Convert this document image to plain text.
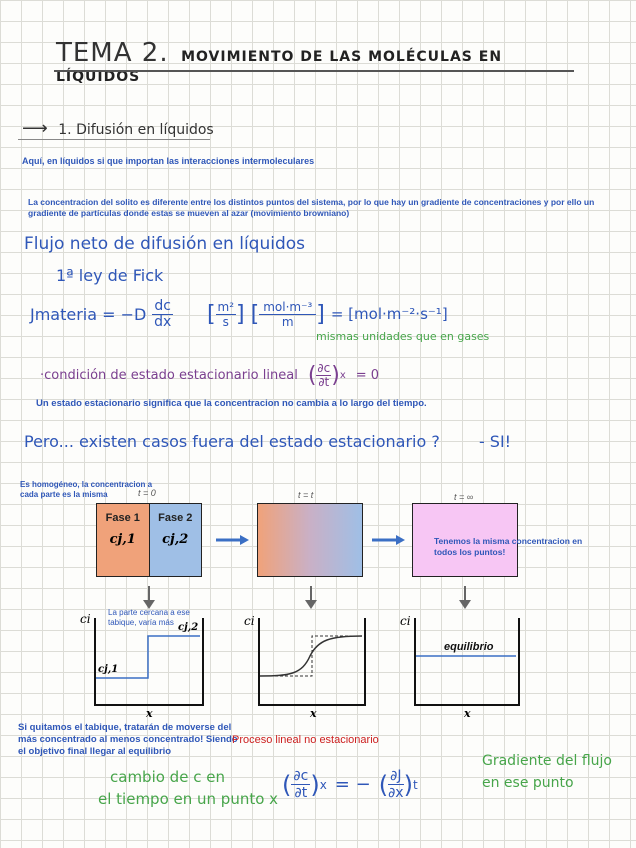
TEMA 2. MOVIMIENTO DE LAS MOLÉCULAS EN LÍQUIDOS
⟶ 1. Difusión en líquidos
Aquí, en líquidos si que importan las interacciones intermoleculares
La concentracion del solito es diferente entre los distintos puntos del sistema, por lo que hay un gradiente de concentraciones y por ello un gradiente de partículas donde estas se mueven al azar (movimiento browniano)
Flujo neto de difusión en líquidos
1ª ley de Fick
Jmateria = $-D \frac{dc}{dx}$ [ $\frac{\text{m²}}{s}$ ] [ mol·m⁻³
m ] = [mol·m⁻²·s⁻¹]
mismas unidades que en gases
·condición de estado estacionario lineal ( $\frac{\partial c}{\partial t}$ ) x = 0
Un estado estacionario significa que la concentracion no cambia a lo largo del tiempo.
Pero... existen casos fuera del estado estacionario ? - SI!
Es homogéneo, la concentracion a cada parte es la misma	t = 0	t = t	t = ∞
Fase 1
cj,1
Fase 2
cj,2	Tenemos la misma concentracion en todos los puntos!
ci
cj,2
cj,1
La parte cercana a ese tabique, varía más
x
ci
x
ci
equilibrio
x
Si quitamos el tabique, tratarán de moverse del más concentrado al menos concentrado! Siendo el objetivo final llegar al equilibrio
Proceso lineal no estacionario
cambio de c en
el tiempo en un punto x
( $\frac{\partial c}{\partial t}$ ) x = − ( $\frac{\partial J}{\partial x}$ ) t
Gradiente del flujo en ese punto
